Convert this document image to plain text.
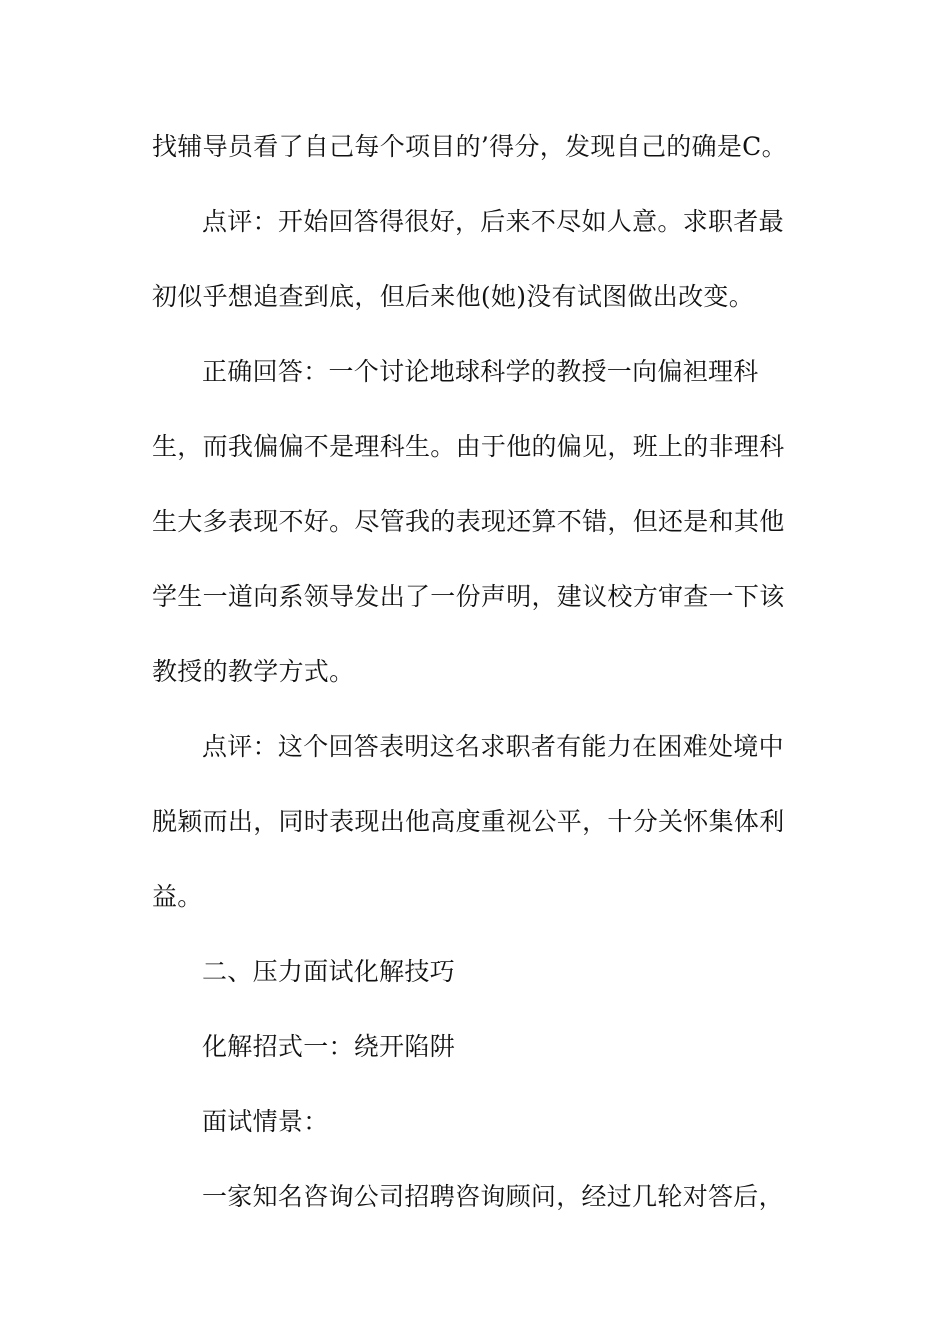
找辅导员看了自己每个项目的’得分，发现自己的确是C。

点评：开始回答得很好，后来不尽如人意。求职者最

初似乎想追查到底，但后来他(她)没有试图做出改变。

正确回答：一个讨论地球科学的教授一向偏袒理科

生，而我偏偏不是理科生。由于他的偏见，班上的非理科

生大多表现不好。尽管我的表现还算不错，但还是和其他

学生一道向系领导发出了一份声明，建议校方审查一下该

教授的教学方式。

点评：这个回答表明这名求职者有能力在困难处境中

脱颖而出，同时表现出他高度重视公平，十分关怀集体利

益。

二、压力面试化解技巧

化解招式一：绕开陷阱

面试情景：

一家知名咨询公司招聘咨询顾问，经过几轮对答后，
